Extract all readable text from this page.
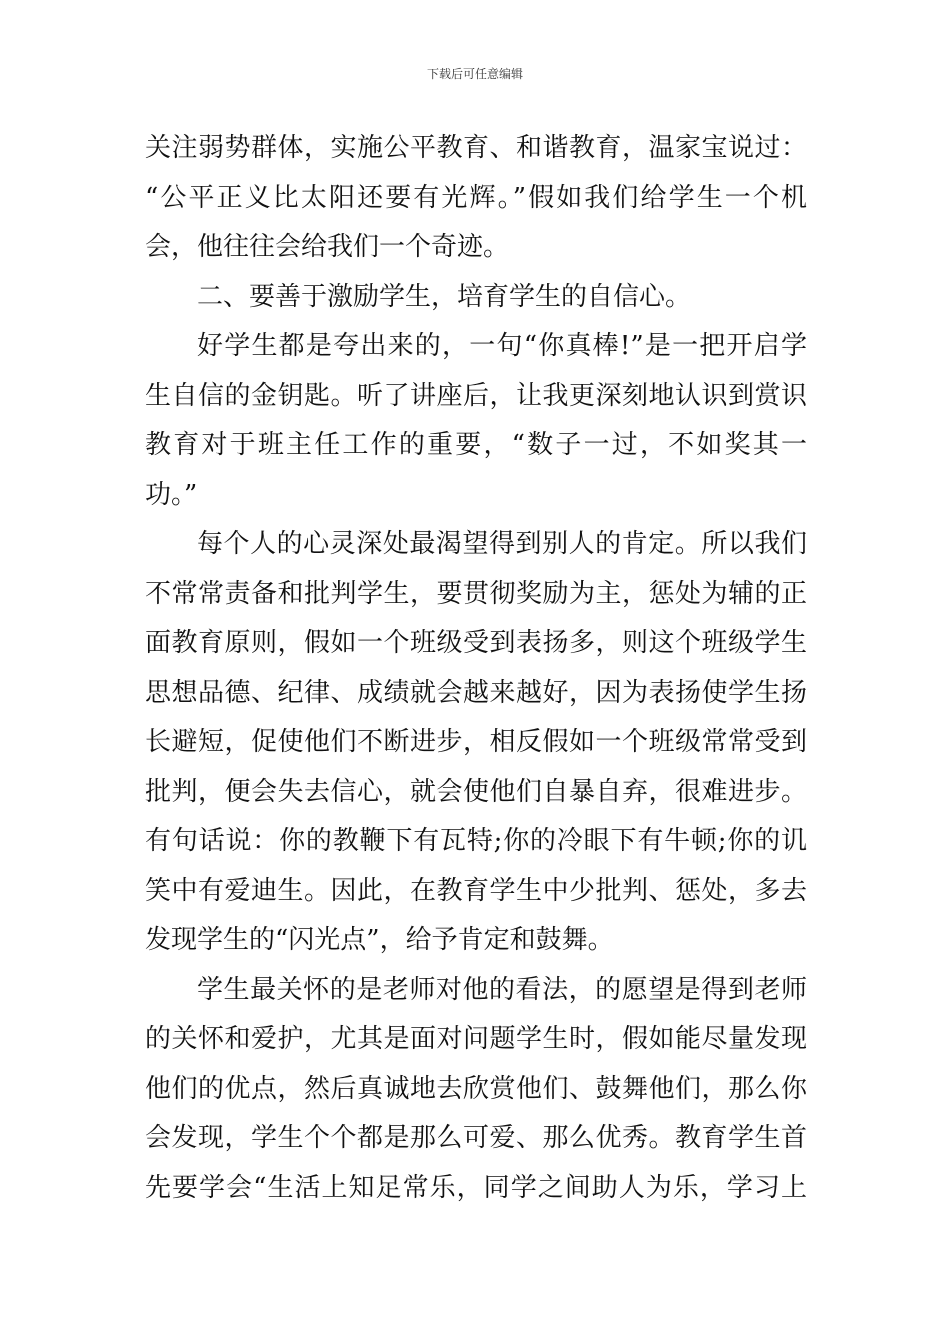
下载后可任意编辑
关注弱势群体，实施公平教育、和谐教育，温家宝说过：
“公平正义比太阳还要有光辉。”假如我们给学生一个机
会，他往往会给我们一个奇迹。
二、要善于激励学生，培育学生的自信心。
好学生都是夸出来的，一句“你真棒!”是一把开启学
生自信的金钥匙。听了讲座后，让我更深刻地认识到赏识
教育对于班主任工作的重要，“数子一过，不如奖其一
功。”
每个人的心灵深处最渴望得到别人的肯定。所以我们
不常常责备和批判学生，要贯彻奖励为主，惩处为辅的正
面教育原则，假如一个班级受到表扬多，则这个班级学生
思想品德、纪律、成绩就会越来越好，因为表扬使学生扬
长避短，促使他们不断进步，相反假如一个班级常常受到
批判，便会失去信心，就会使他们自暴自弃，很难进步。
有句话说：你的教鞭下有瓦特;你的冷眼下有牛顿;你的讥
笑中有爱迪生。因此，在教育学生中少批判、惩处，多去
发现学生的“闪光点”，给予肯定和鼓舞。
学生最关怀的是老师对他的看法，的愿望是得到老师
的关怀和爱护，尤其是面对问题学生时，假如能尽量发现
他们的优点，然后真诚地去欣赏他们、鼓舞他们，那么你
会发现，学生个个都是那么可爱、那么优秀。教育学生首
先要学会“生活上知足常乐，同学之间助人为乐，学习上
